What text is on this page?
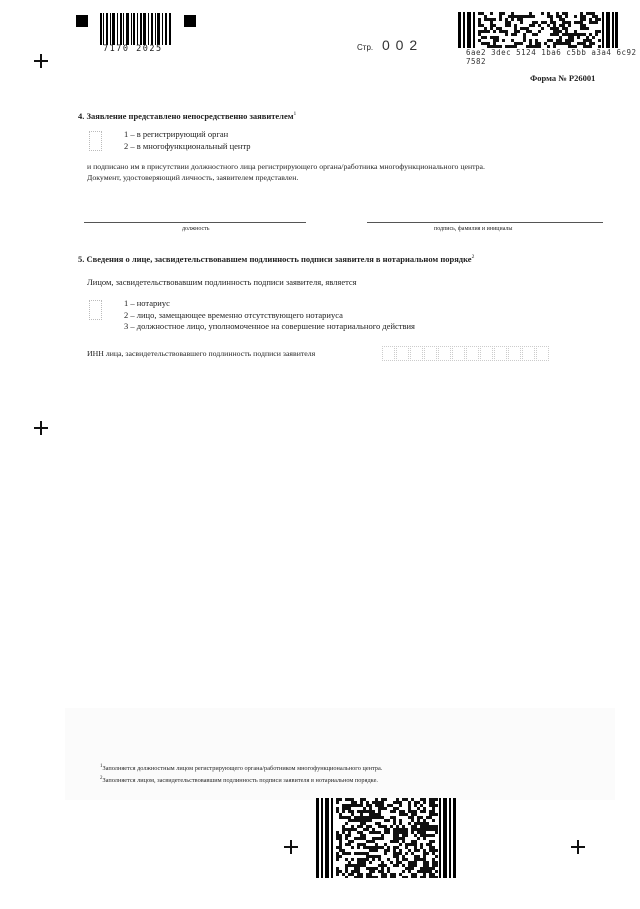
7170 2025	Стр. 0 0 2	6ae2 3dec 5124 1ba6 c5bb a3a4 6c92 7582
Форма № Р26001
4. Заявление представлено непосредственно заявителем$^1$
1 – в регистрирующий орган
2 – в многофункциональный центр
и подписано им в присутствии должностного лица регистрирующего органа/работника многофункционального центра.
Документ, удостоверяющий личность, заявителем представлен.
должность	подпись, фамилия и инициалы
5. Сведения о лице, засвидетельствовавшем подлинность подписи заявителя в нотариальном порядке$^2$
Лицом, засвидетельствовавшим подлинность подписи заявителя, является
1 – нотариус
2 – лицо, замещающее временно отсутствующего нотариуса
3 – должностное лицо, уполномоченное на совершение нотариального действия
ИНН лица, засвидетельствовавшего подлинность подписи заявителя
$^1$Заполняется должностным лицом регистрирующего органа/работником многофункционального центра.
$^2$Заполняется лицом, засвидетельствовавшим подлинность подписи заявителя в нотариальном порядке.
